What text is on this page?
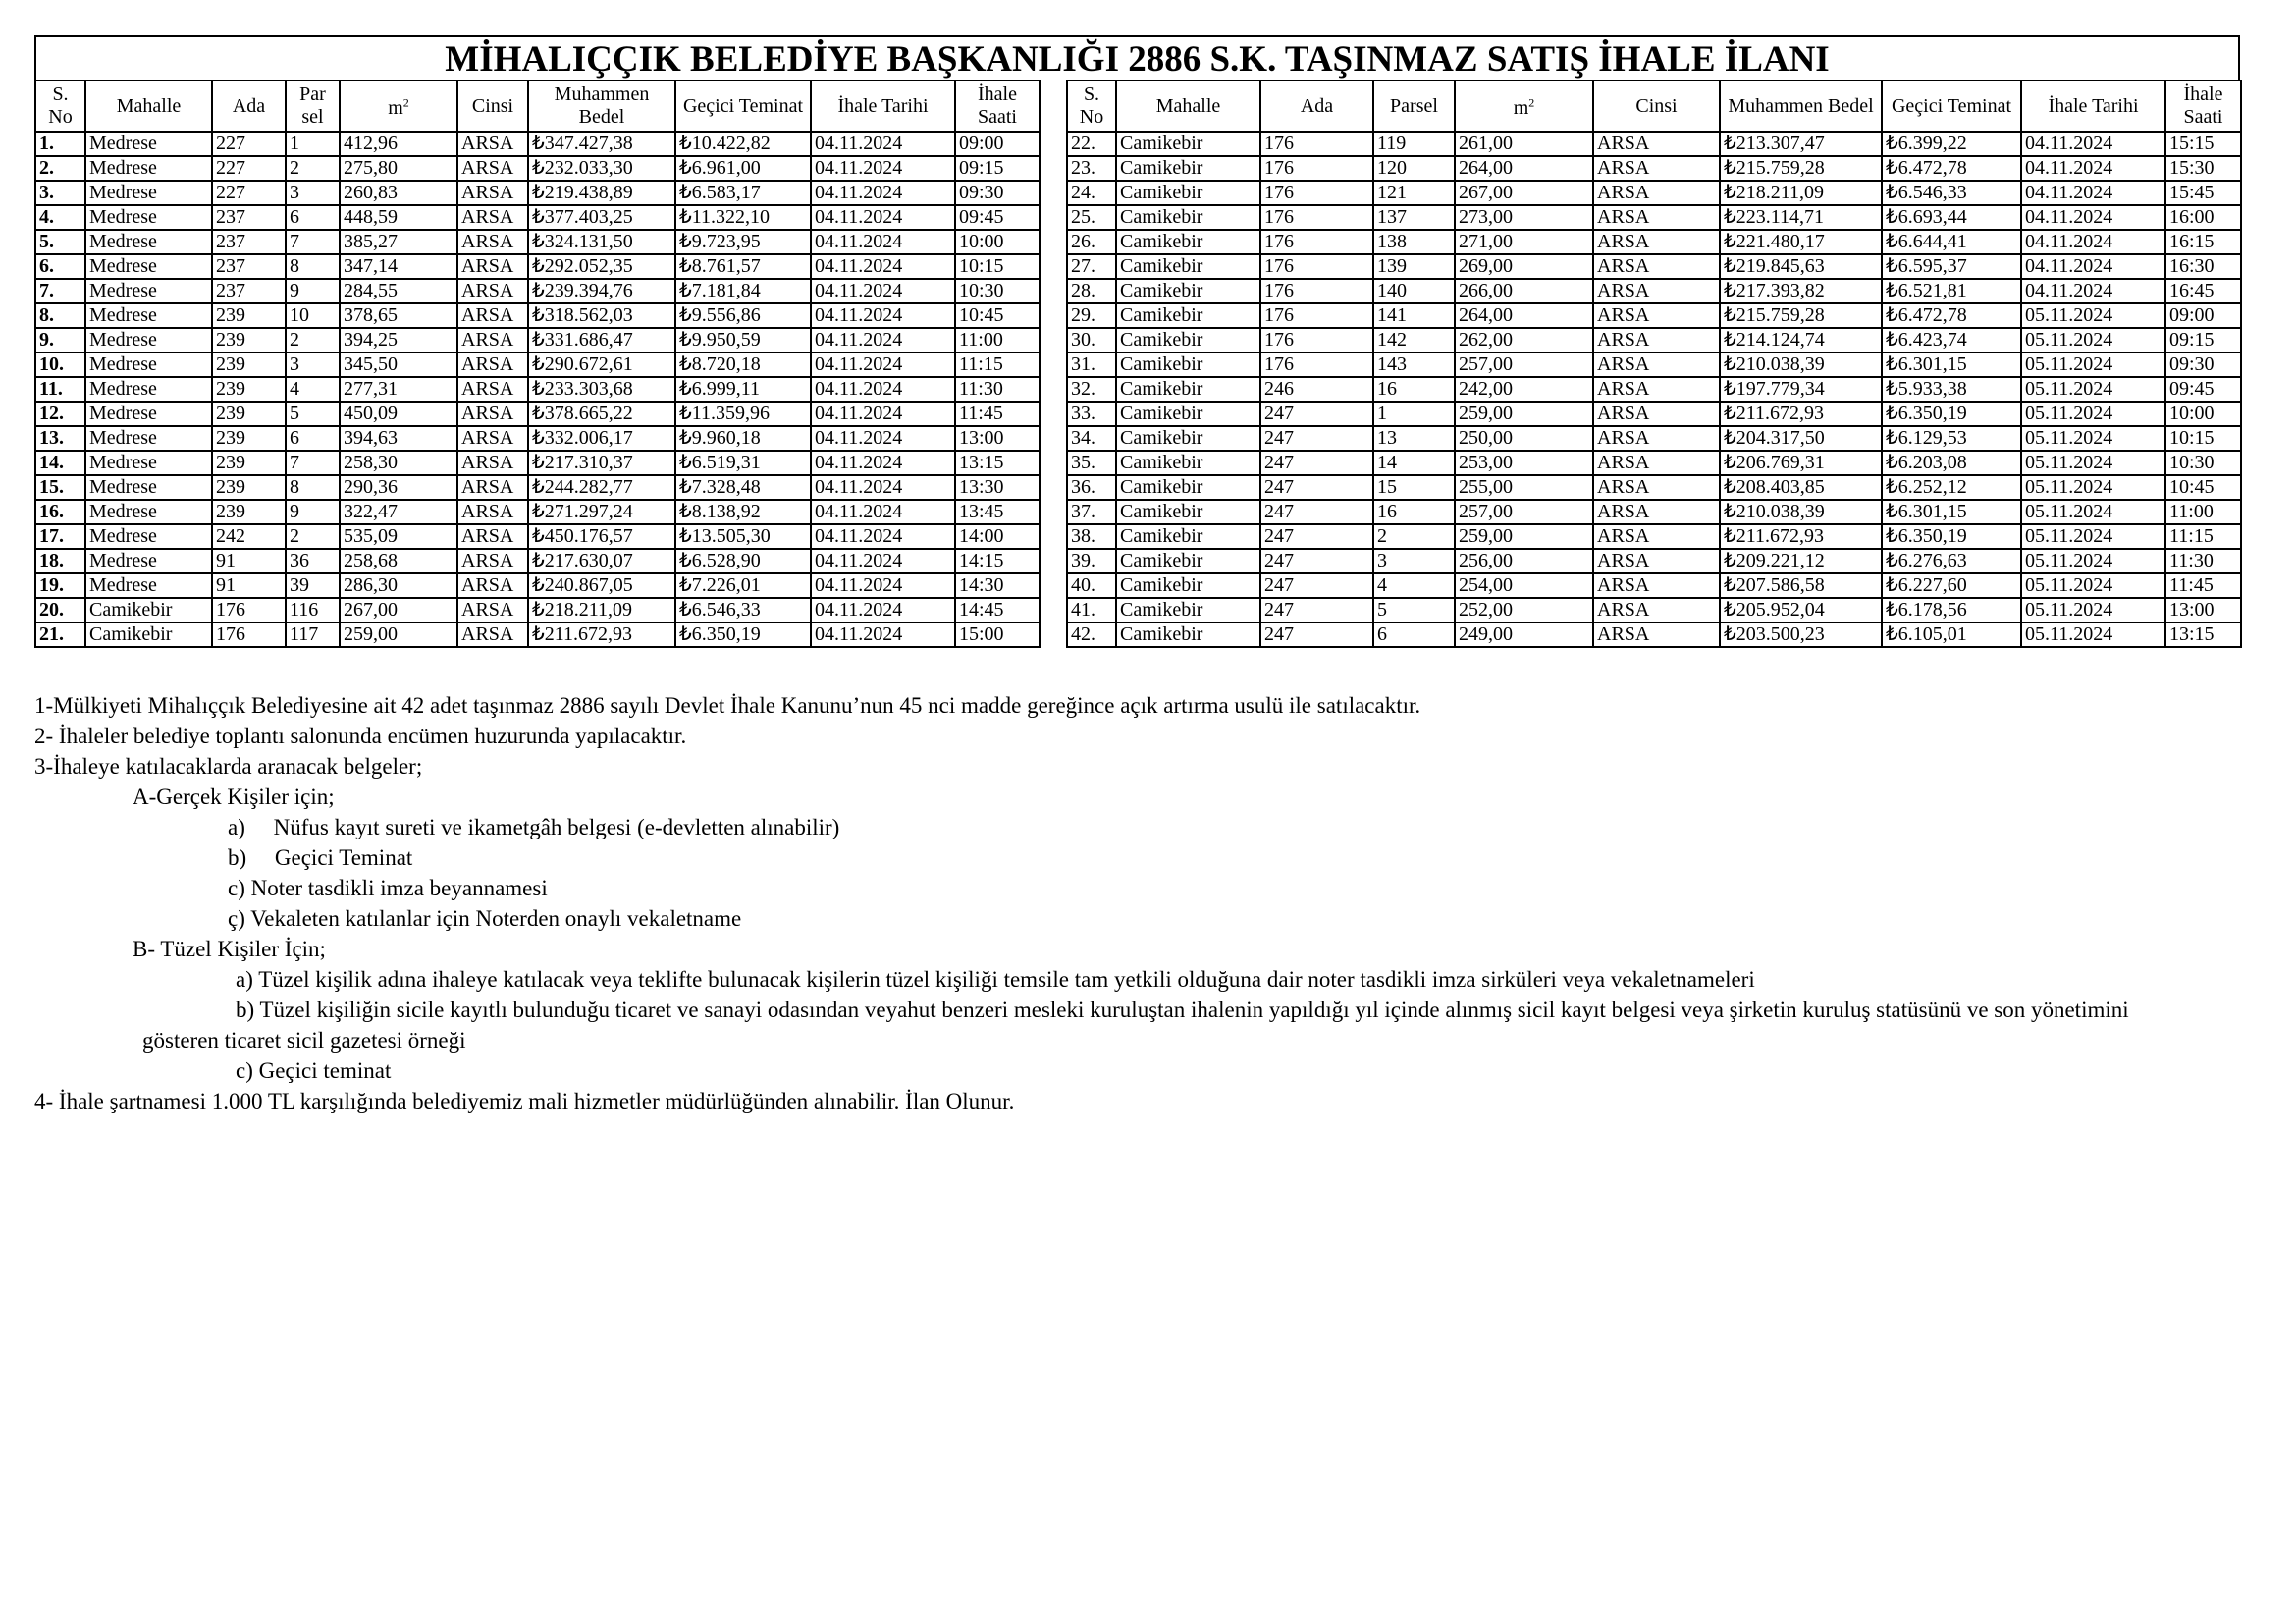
MİHALIÇÇIK BELEDİYE BAŞKANLIĞI 2886 S.K. TAŞINMAZ SATIŞ İHALE İLANI
S. No	Mahalle	Ada	Par sel	$m^2$	Cinsi	Muhammen Bedel	Geçici Teminat	İhale Tarihi	İhale Saati
1.	Medrese	227	1	412,96	ARSA	₺347.427,38	₺10.422,82	04.11.2024	09:00
2.	Medrese	227	2	275,80	ARSA	₺232.033,30	₺6.961,00	04.11.2024	09:15
3.	Medrese	227	3	260,83	ARSA	₺219.438,89	₺6.583,17	04.11.2024	09:30
4.	Medrese	237	6	448,59	ARSA	₺377.403,25	₺11.322,10	04.11.2024	09:45
5.	Medrese	237	7	385,27	ARSA	₺324.131,50	₺9.723,95	04.11.2024	10:00
6.	Medrese	237	8	347,14	ARSA	₺292.052,35	₺8.761,57	04.11.2024	10:15
7.	Medrese	237	9	284,55	ARSA	₺239.394,76	₺7.181,84	04.11.2024	10:30
8.	Medrese	239	10	378,65	ARSA	₺318.562,03	₺9.556,86	04.11.2024	10:45
9.	Medrese	239	2	394,25	ARSA	₺331.686,47	₺9.950,59	04.11.2024	11:00
10.	Medrese	239	3	345,50	ARSA	₺290.672,61	₺8.720,18	04.11.2024	11:15
11.	Medrese	239	4	277,31	ARSA	₺233.303,68	₺6.999,11	04.11.2024	11:30
12.	Medrese	239	5	450,09	ARSA	₺378.665,22	₺11.359,96	04.11.2024	11:45
13.	Medrese	239	6	394,63	ARSA	₺332.006,17	₺9.960,18	04.11.2024	13:00
14.	Medrese	239	7	258,30	ARSA	₺217.310,37	₺6.519,31	04.11.2024	13:15
15.	Medrese	239	8	290,36	ARSA	₺244.282,77	₺7.328,48	04.11.2024	13:30
16.	Medrese	239	9	322,47	ARSA	₺271.297,24	₺8.138,92	04.11.2024	13:45
17.	Medrese	242	2	535,09	ARSA	₺450.176,57	₺13.505,30	04.11.2024	14:00
18.	Medrese	91	36	258,68	ARSA	₺217.630,07	₺6.528,90	04.11.2024	14:15
19.	Medrese	91	39	286,30	ARSA	₺240.867,05	₺7.226,01	04.11.2024	14:30
20.	Camikebir	176	116	267,00	ARSA	₺218.211,09	₺6.546,33	04.11.2024	14:45
21.	Camikebir	176	117	259,00	ARSA	₺211.672,93	₺6.350,19	04.11.2024	15:00
S. No	Mahalle	Ada	Parsel	$m^2$	Cinsi	Muhammen Bedel	Geçici Teminat	İhale Tarihi	İhale Saati
22.	Camikebir	176	119	261,00	ARSA	₺213.307,47	₺6.399,22	04.11.2024	15:15
23.	Camikebir	176	120	264,00	ARSA	₺215.759,28	₺6.472,78	04.11.2024	15:30
24.	Camikebir	176	121	267,00	ARSA	₺218.211,09	₺6.546,33	04.11.2024	15:45
25.	Camikebir	176	137	273,00	ARSA	₺223.114,71	₺6.693,44	04.11.2024	16:00
26.	Camikebir	176	138	271,00	ARSA	₺221.480,17	₺6.644,41	04.11.2024	16:15
27.	Camikebir	176	139	269,00	ARSA	₺219.845,63	₺6.595,37	04.11.2024	16:30
28.	Camikebir	176	140	266,00	ARSA	₺217.393,82	₺6.521,81	04.11.2024	16:45
29.	Camikebir	176	141	264,00	ARSA	₺215.759,28	₺6.472,78	05.11.2024	09:00
30.	Camikebir	176	142	262,00	ARSA	₺214.124,74	₺6.423,74	05.11.2024	09:15
31.	Camikebir	176	143	257,00	ARSA	₺210.038,39	₺6.301,15	05.11.2024	09:30
32.	Camikebir	246	16	242,00	ARSA	₺197.779,34	₺5.933,38	05.11.2024	09:45
33.	Camikebir	247	1	259,00	ARSA	₺211.672,93	₺6.350,19	05.11.2024	10:00
34.	Camikebir	247	13	250,00	ARSA	₺204.317,50	₺6.129,53	05.11.2024	10:15
35.	Camikebir	247	14	253,00	ARSA	₺206.769,31	₺6.203,08	05.11.2024	10:30
36.	Camikebir	247	15	255,00	ARSA	₺208.403,85	₺6.252,12	05.11.2024	10:45
37.	Camikebir	247	16	257,00	ARSA	₺210.038,39	₺6.301,15	05.11.2024	11:00
38.	Camikebir	247	2	259,00	ARSA	₺211.672,93	₺6.350,19	05.11.2024	11:15
39.	Camikebir	247	3	256,00	ARSA	₺209.221,12	₺6.276,63	05.11.2024	11:30
40.	Camikebir	247	4	254,00	ARSA	₺207.586,58	₺6.227,60	05.11.2024	11:45
41.	Camikebir	247	5	252,00	ARSA	₺205.952,04	₺6.178,56	05.11.2024	13:00
42.	Camikebir	247	6	249,00	ARSA	₺203.500,23	₺6.105,01	05.11.2024	13:15
1-Mülkiyeti Mihalıççık Belediyesine ait 42 adet taşınmaz 2886 sayılı Devlet İhale Kanunu’nun 45 nci madde gereğince açık artırma usulü ile satılacaktır.
2- İhaleler belediye toplantı salonunda encümen huzurunda yapılacaktır.
3-İhaleye katılacaklarda aranacak belgeler;
A-Gerçek Kişiler için;
a)     Nüfus kayıt sureti ve ikametgâh belgesi (e-devletten alınabilir)
b)     Geçici Teminat
c) Noter tasdikli imza beyannamesi
ç) Vekaleten katılanlar için Noterden onaylı vekaletname
B- Tüzel Kişiler İçin;
a) Tüzel kişilik adına ihaleye katılacak veya teklifte bulunacak kişilerin tüzel kişiliği temsile tam yetkili olduğuna dair noter tasdikli imza sirküleri veya vekaletnameleri
b) Tüzel kişiliğin sicile kayıtlı bulunduğu ticaret ve sanayi odasından veyahut benzeri mesleki kuruluştan ihalenin yapıldığı yıl içinde alınmış sicil kayıt belgesi veya şirketin kuruluş statüsünü ve son yönetimini
gösteren ticaret sicil gazetesi örneği
c) Geçici teminat
4- İhale şartnamesi 1.000 TL karşılığında belediyemiz mali hizmetler müdürlüğünden alınabilir. İlan Olunur.
